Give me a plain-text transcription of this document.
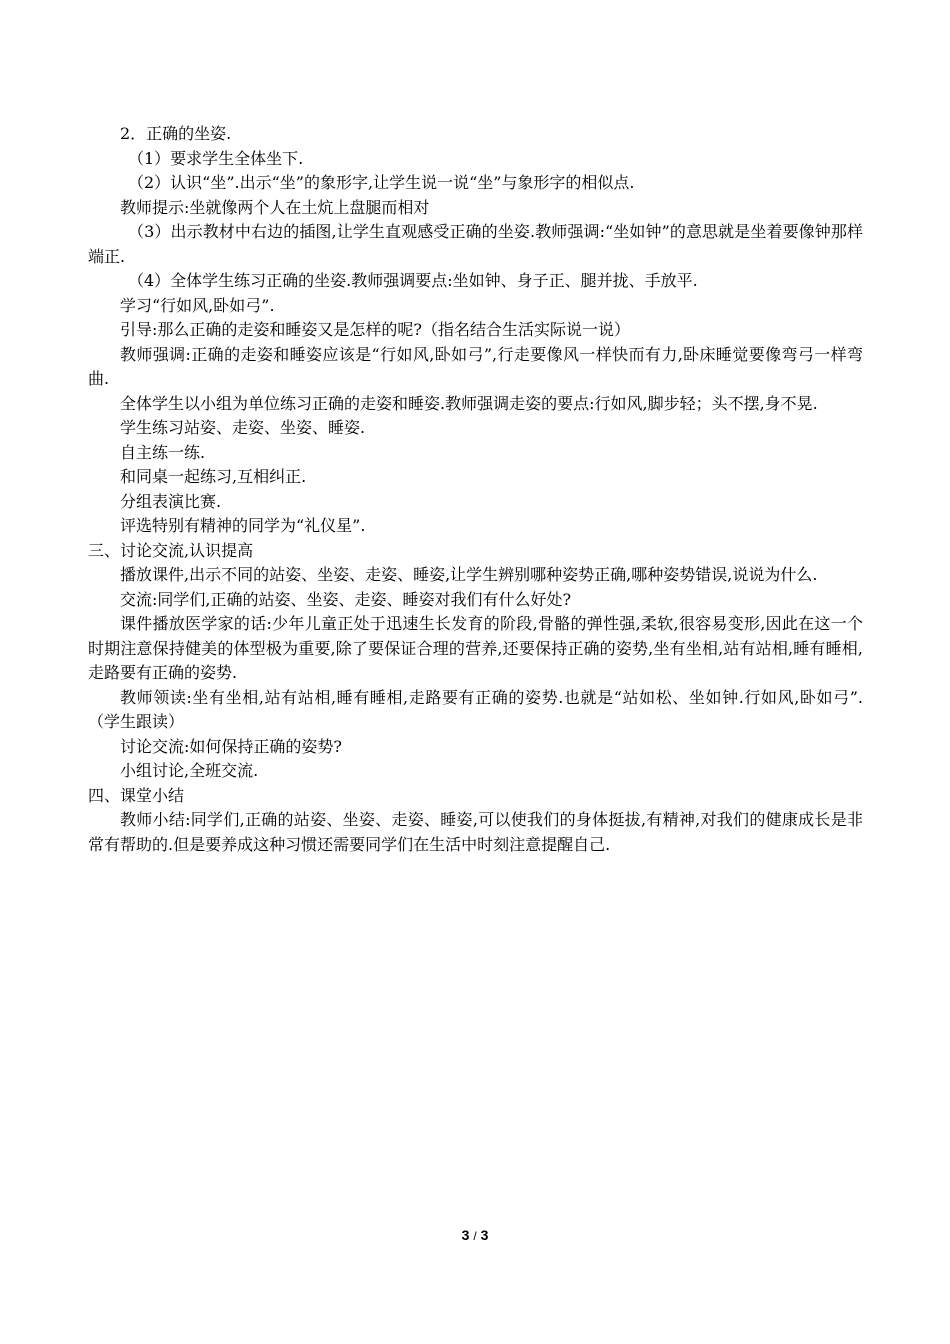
2．正确的坐姿.

（1）要求学生全体坐下.

（2）认识“坐”.出示“坐”的象形字,让学生说一说“坐”与象形字的相似点.

教师提示:坐就像两个人在土炕上盘腿而相对

（3）出示教材中右边的插图,让学生直观感受正确的坐姿.教师强调:“坐如钟”的意思就是坐着要像钟那样端正.

（4）全体学生练习正确的坐姿.教师强调要点:坐如钟、身子正、腿并拢、手放平.

学习“行如风,卧如弓”.

引导:那么正确的走姿和睡姿又是怎样的呢?（指名结合生活实际说一说）

教师强调:正确的走姿和睡姿应该是“行如风,卧如弓”,行走要像风一样快而有力,卧床睡觉要像弯弓一样弯曲.

全体学生以小组为单位练习正确的走姿和睡姿.教师强调走姿的要点:行如风,脚步轻；头不摆,身不晃.

学生练习站姿、走姿、坐姿、睡姿.

自主练一练.

和同桌一起练习,互相纠正.

分组表演比赛.

评选特别有精神的同学为“礼仪星”.

三、讨论交流,认识提高

播放课件,出示不同的站姿、坐姿、走姿、睡姿,让学生辨别哪种姿势正确,哪种姿势错误,说说为什么.

交流:同学们,正确的站姿、坐姿、走姿、睡姿对我们有什么好处?

课件播放医学家的话:少年儿童正处于迅速生长发育的阶段,骨骼的弹性强,柔软,很容易变形,因此在这一个时期注意保持健美的体型极为重要,除了要保证合理的营养,还要保持正确的姿势,坐有坐相,站有站相,睡有睡相,走路要有正确的姿势.

教师领读:坐有坐相,站有站相,睡有睡相,走路要有正确的姿势.也就是“站如松、坐如钟.行如风,卧如弓”.（学生跟读）

讨论交流:如何保持正确的姿势?

小组讨论,全班交流.

四、课堂小结

教师小结:同学们,正确的站姿、坐姿、走姿、睡姿,可以使我们的身体挺拔,有精神,对我们的健康成长是非常有帮助的.但是要养成这种习惯还需要同学们在生活中时刻注意提醒自己.

3 / 3
